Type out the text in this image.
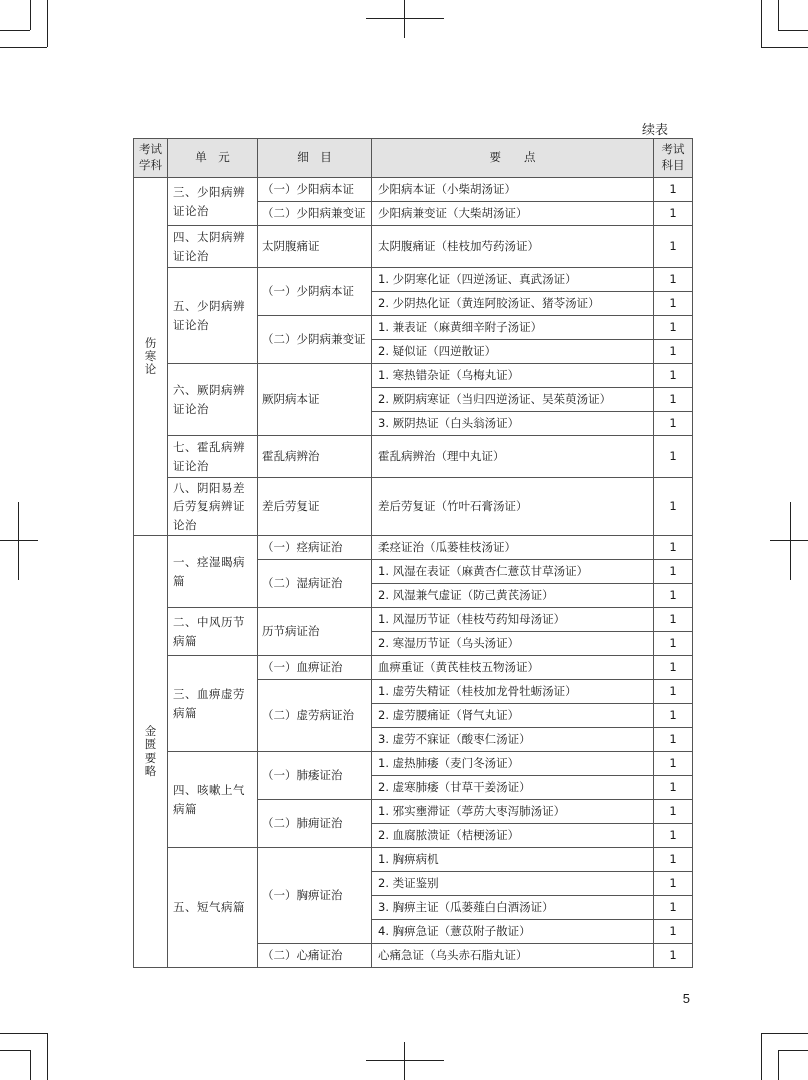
续表
考试学科	单　元	细　目	要　　点	考试科目

伤寒论	三、少阳病辨证论治	（一）少阳病本证	少阳病本证（小柴胡汤证）	1
		（二）少阳病兼变证	少阳病兼变证（大柴胡汤证）	1
	四、太阴病辨证论治	太阴腹痛证	太阴腹痛证（桂枝加芍药汤证）	1
	五、少阴病辨证论治	（一）少阴病本证	1. 少阴寒化证（四逆汤证、真武汤证）	1
			2. 少阴热化证（黄连阿胶汤证、猪苓汤证）	1
		（二）少阴病兼变证	1. 兼表证（麻黄细辛附子汤证）	1
			2. 疑似证（四逆散证）	1
	六、厥阴病辨证论治	厥阴病本证	1. 寒热错杂证（乌梅丸证）	1
			2. 厥阴病寒证（当归四逆汤证、吴茱萸汤证）	1
			3. 厥阴热证（白头翁汤证）	1
	七、霍乱病辨证论治	霍乱病辨治	霍乱病辨治（理中丸证）	1
	八、阴阳易差后劳复病辨证论治	差后劳复证	差后劳复证（竹叶石膏汤证）	1

金匮要略	一、痉湿暍病篇	（一）痉病证治	柔痉证治（瓜蒌桂枝汤证）	1
		（二）湿病证治	1. 风湿在表证（麻黄杏仁薏苡甘草汤证）	1
			2. 风湿兼气虚证（防己黄芪汤证）	1
	二、中风历节病篇	历节病证治	1. 风湿历节证（桂枝芍药知母汤证）	1
			2. 寒湿历节证（乌头汤证）	1
	三、血痹虚劳病篇	（一）血痹证治	血痹重证（黄芪桂枝五物汤证）	1
		（二）虚劳病证治	1. 虚劳失精证（桂枝加龙骨牡蛎汤证）	1
			2. 虚劳腰痛证（肾气丸证）	1
			3. 虚劳不寐证（酸枣仁汤证）	1
	四、咳嗽上气病篇	（一）肺痿证治	1. 虚热肺痿（麦门冬汤证）	1
			2. 虚寒肺痿（甘草干姜汤证）	1
		（二）肺痈证治	1. 邪实壅滞证（葶苈大枣泻肺汤证）	1
			2. 血腐脓溃证（桔梗汤证）	1
	五、短气病篇	（一）胸痹证治	1. 胸痹病机	1
			2. 类证鉴别	1
			3. 胸痹主证（瓜蒌薤白白酒汤证）	1
			4. 胸痹急证（薏苡附子散证）	1
		（二）心痛证治	心痛急证（乌头赤石脂丸证）	1
5
